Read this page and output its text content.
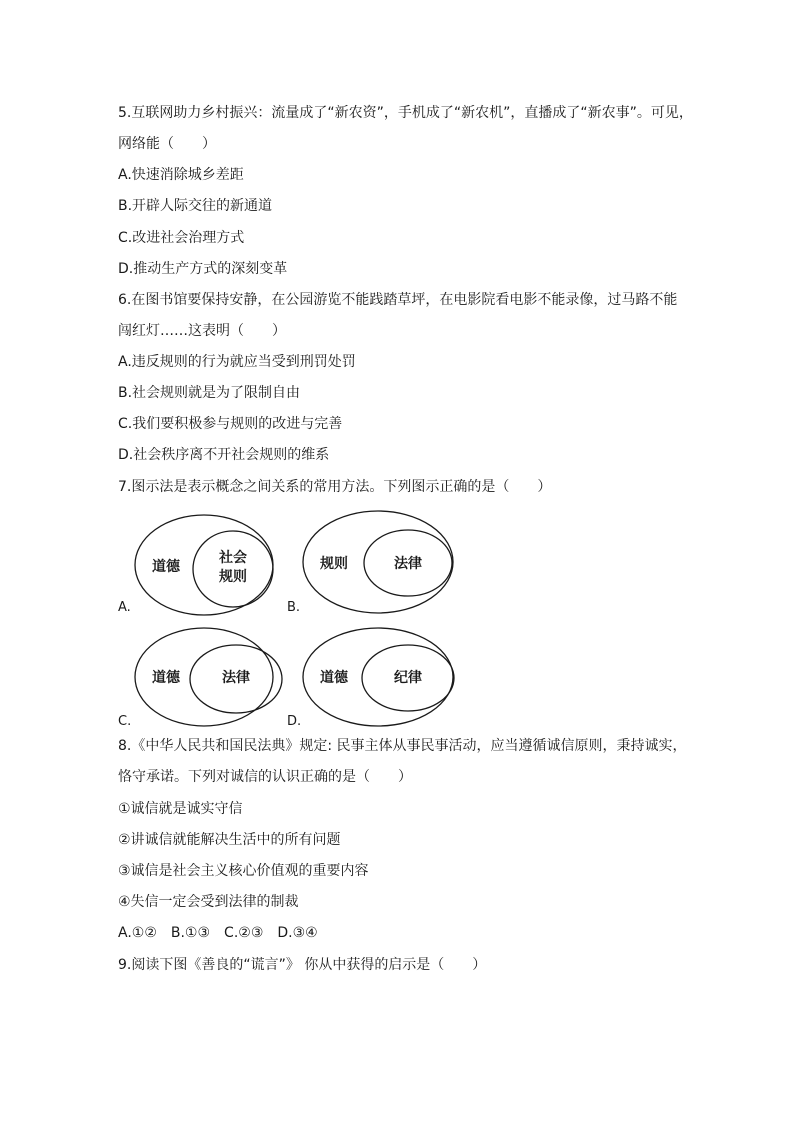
5.互联网助力乡村振兴：流量成了“新农资”，手机成了“新农机”，直播成了“新农事”。可见，
网络能（　　）
A.快速消除城乡差距
B.开辟人际交往的新通道
C.改进社会治理方式
D.推动生产方式的深刻变革
6.在图书馆要保持安静，在公园游览不能践踏草坪，在电影院看电影不能录像，过马路不能
闯红灯……这表明（　　）
A.违反规则的行为就应当受到刑罚处罚
B.社会规则就是为了限制自由
C.我们要积极参与规则的改进与完善
D.社会秩序离不开社会规则的维系
7.图示法是表示概念之间关系的常用方法。下列图示正确的是（　　）
道德
社会
规则
A.
规则	法律
B.
道德	法律
C.
道德	纪律
D.
8.《中华人民共和国民法典》规定: 民事主体从事民事活动，应当遵循诚信原则，秉持诚实，
恪守承诺。下列对诚信的认识正确的是（　　）
①诚信就是诚实守信
②讲诚信就能解决生活中的所有问题
③诚信是社会主义核心价值观的重要内容
④失信一定会受到法律的制裁
A.①②　B.①③　C.②③　D.③④
9.阅读下图《善良的“谎言”》 你从中获得的启示是（　　）
